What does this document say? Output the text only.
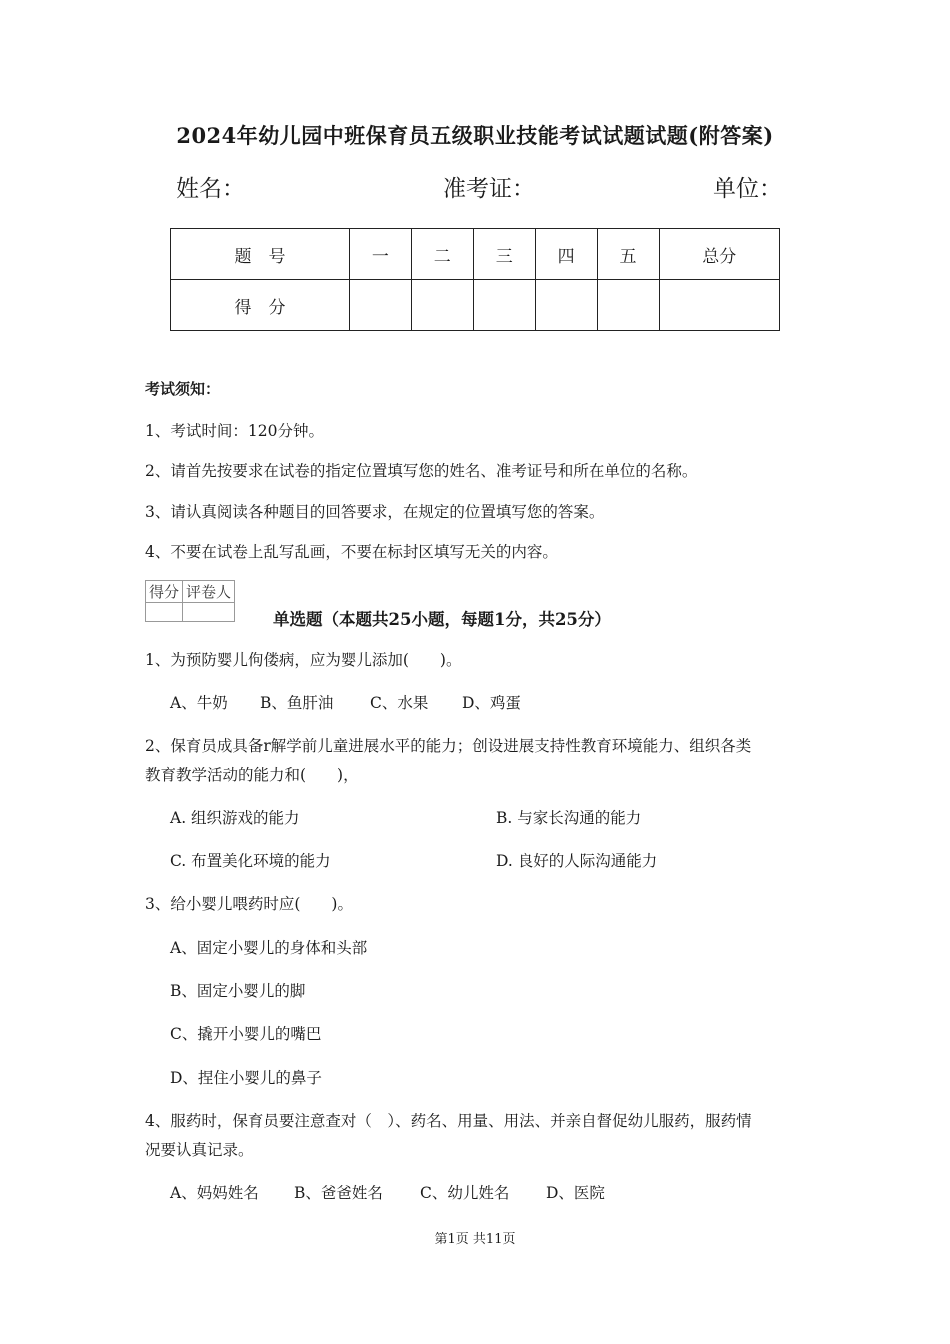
2024年幼儿园中班保育员五级职业技能考试试题试题(附答案)
姓名：	准考证：	单位：
题　号	一	二	三	四	五	总分
得　分						
考试须知：
1、考试时间：120分钟。
2、请首先按要求在试卷的指定位置填写您的姓名、准考证号和所在单位的名称。
3、请认真阅读各种题目的回答要求，在规定的位置填写您的答案。
4、不要在试卷上乱写乱画，不要在标封区填写无关的内容。
得分	评卷人

单选题（本题共25小题，每题1分，共25分）
1、为预防婴儿佝偻病，应为婴儿添加(　　)。
A、牛奶 B、鱼肝油 C、水果 D、鸡蛋
2、保育员成具备r解学前儿童进展水平的能力；创设进展支持性教育环境能力、组织各类
教育教学活动的能力和(　　)，
A. 组织游戏的能力	B. 与家长沟通的能力
C. 布置美化环境的能力	D. 良好的人际沟通能力
3、给小婴儿喂药时应(　　)。
A、固定小婴儿的身体和头部
B、固定小婴儿的脚
C、撬开小婴儿的嘴巴
D、捏住小婴儿的鼻子
4、服药时，保育员要注意查对（　）、药名、用量、用法、并亲自督促幼儿服药，服药情
况要认真记录。
A、妈妈姓名 B、爸爸姓名 C、幼儿姓名 D、医院
第1页 共11页
